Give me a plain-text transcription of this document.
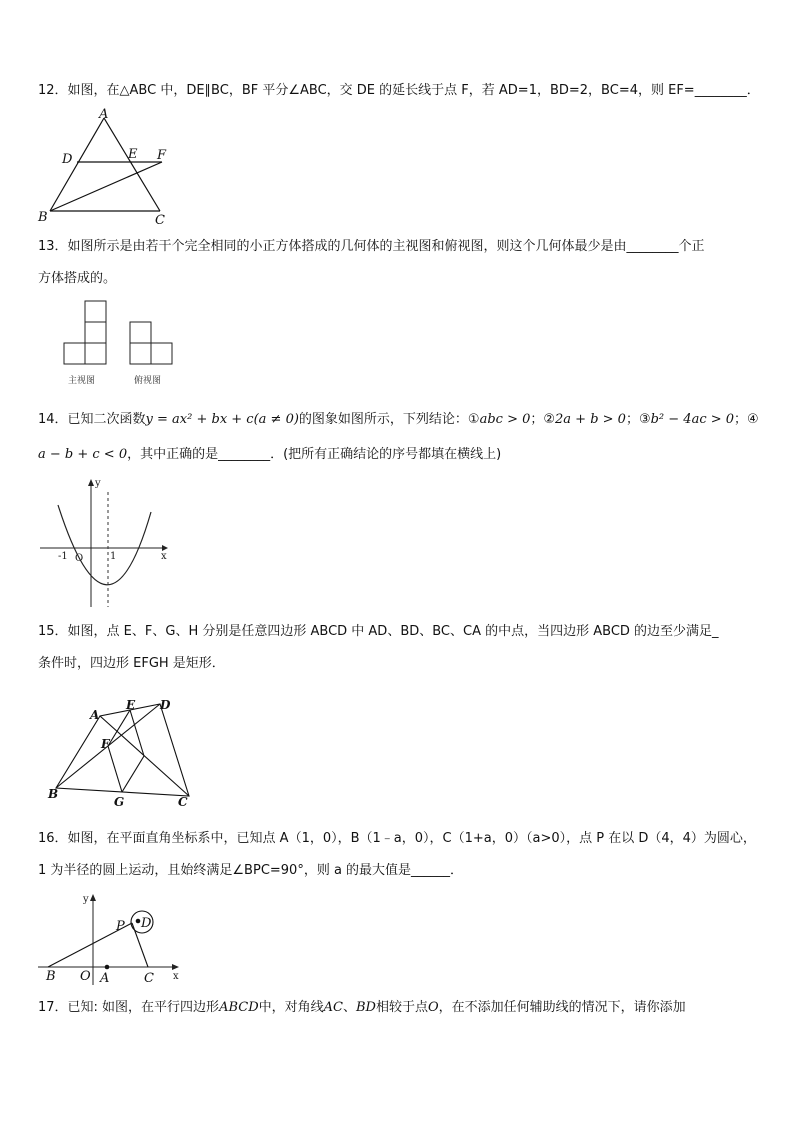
12．如图，在△ABC 中，DE∥BC，BF 平分∠ABC，交 DE 的延长线于点 F，若 AD=1，BD=2，BC=4，则 EF=________．
A
D	E F
B	C
13．如图所示是由若干个完全相同的小正方体搭成的几何体的主视图和俯视图，则这个几何体最少是由________个正
方体搭成的。
主视图	俯视图
14．已知二次函数y = ax² + bx + c(a ≠ 0)的图象如图所示，下列结论：①abc > 0；②2a + b > 0；③b² − 4ac > 0；④
a − b + c < 0，其中正确的是________．(把所有正确结论的序号都填在横线上)
y
x
-1 O	1
15．如图，点 E、F、G、H 分别是任意四边形 ABCD 中 AD、BD、BC、CA 的中点，当四边形 ABCD 的边至少满足_
条件时，四边形 EFGH 是矩形．
A
E D
F
B
G	C
16．如图，在平面直角坐标系中，已知点 A（1，0），B（1﹣a，0），C（1+a，0）（a>0），点 P 在以 D（4，4）为圆心，
1 为半径的圆上运动，且始终满足∠BPC=90°，则 a 的最大值是______．
y
x
P D
B O A	C
17．已知: 如图，在平行四边形ABCD中，对角线AC、BD相较于点O，在不添加任何辅助线的情况下，请你添加
